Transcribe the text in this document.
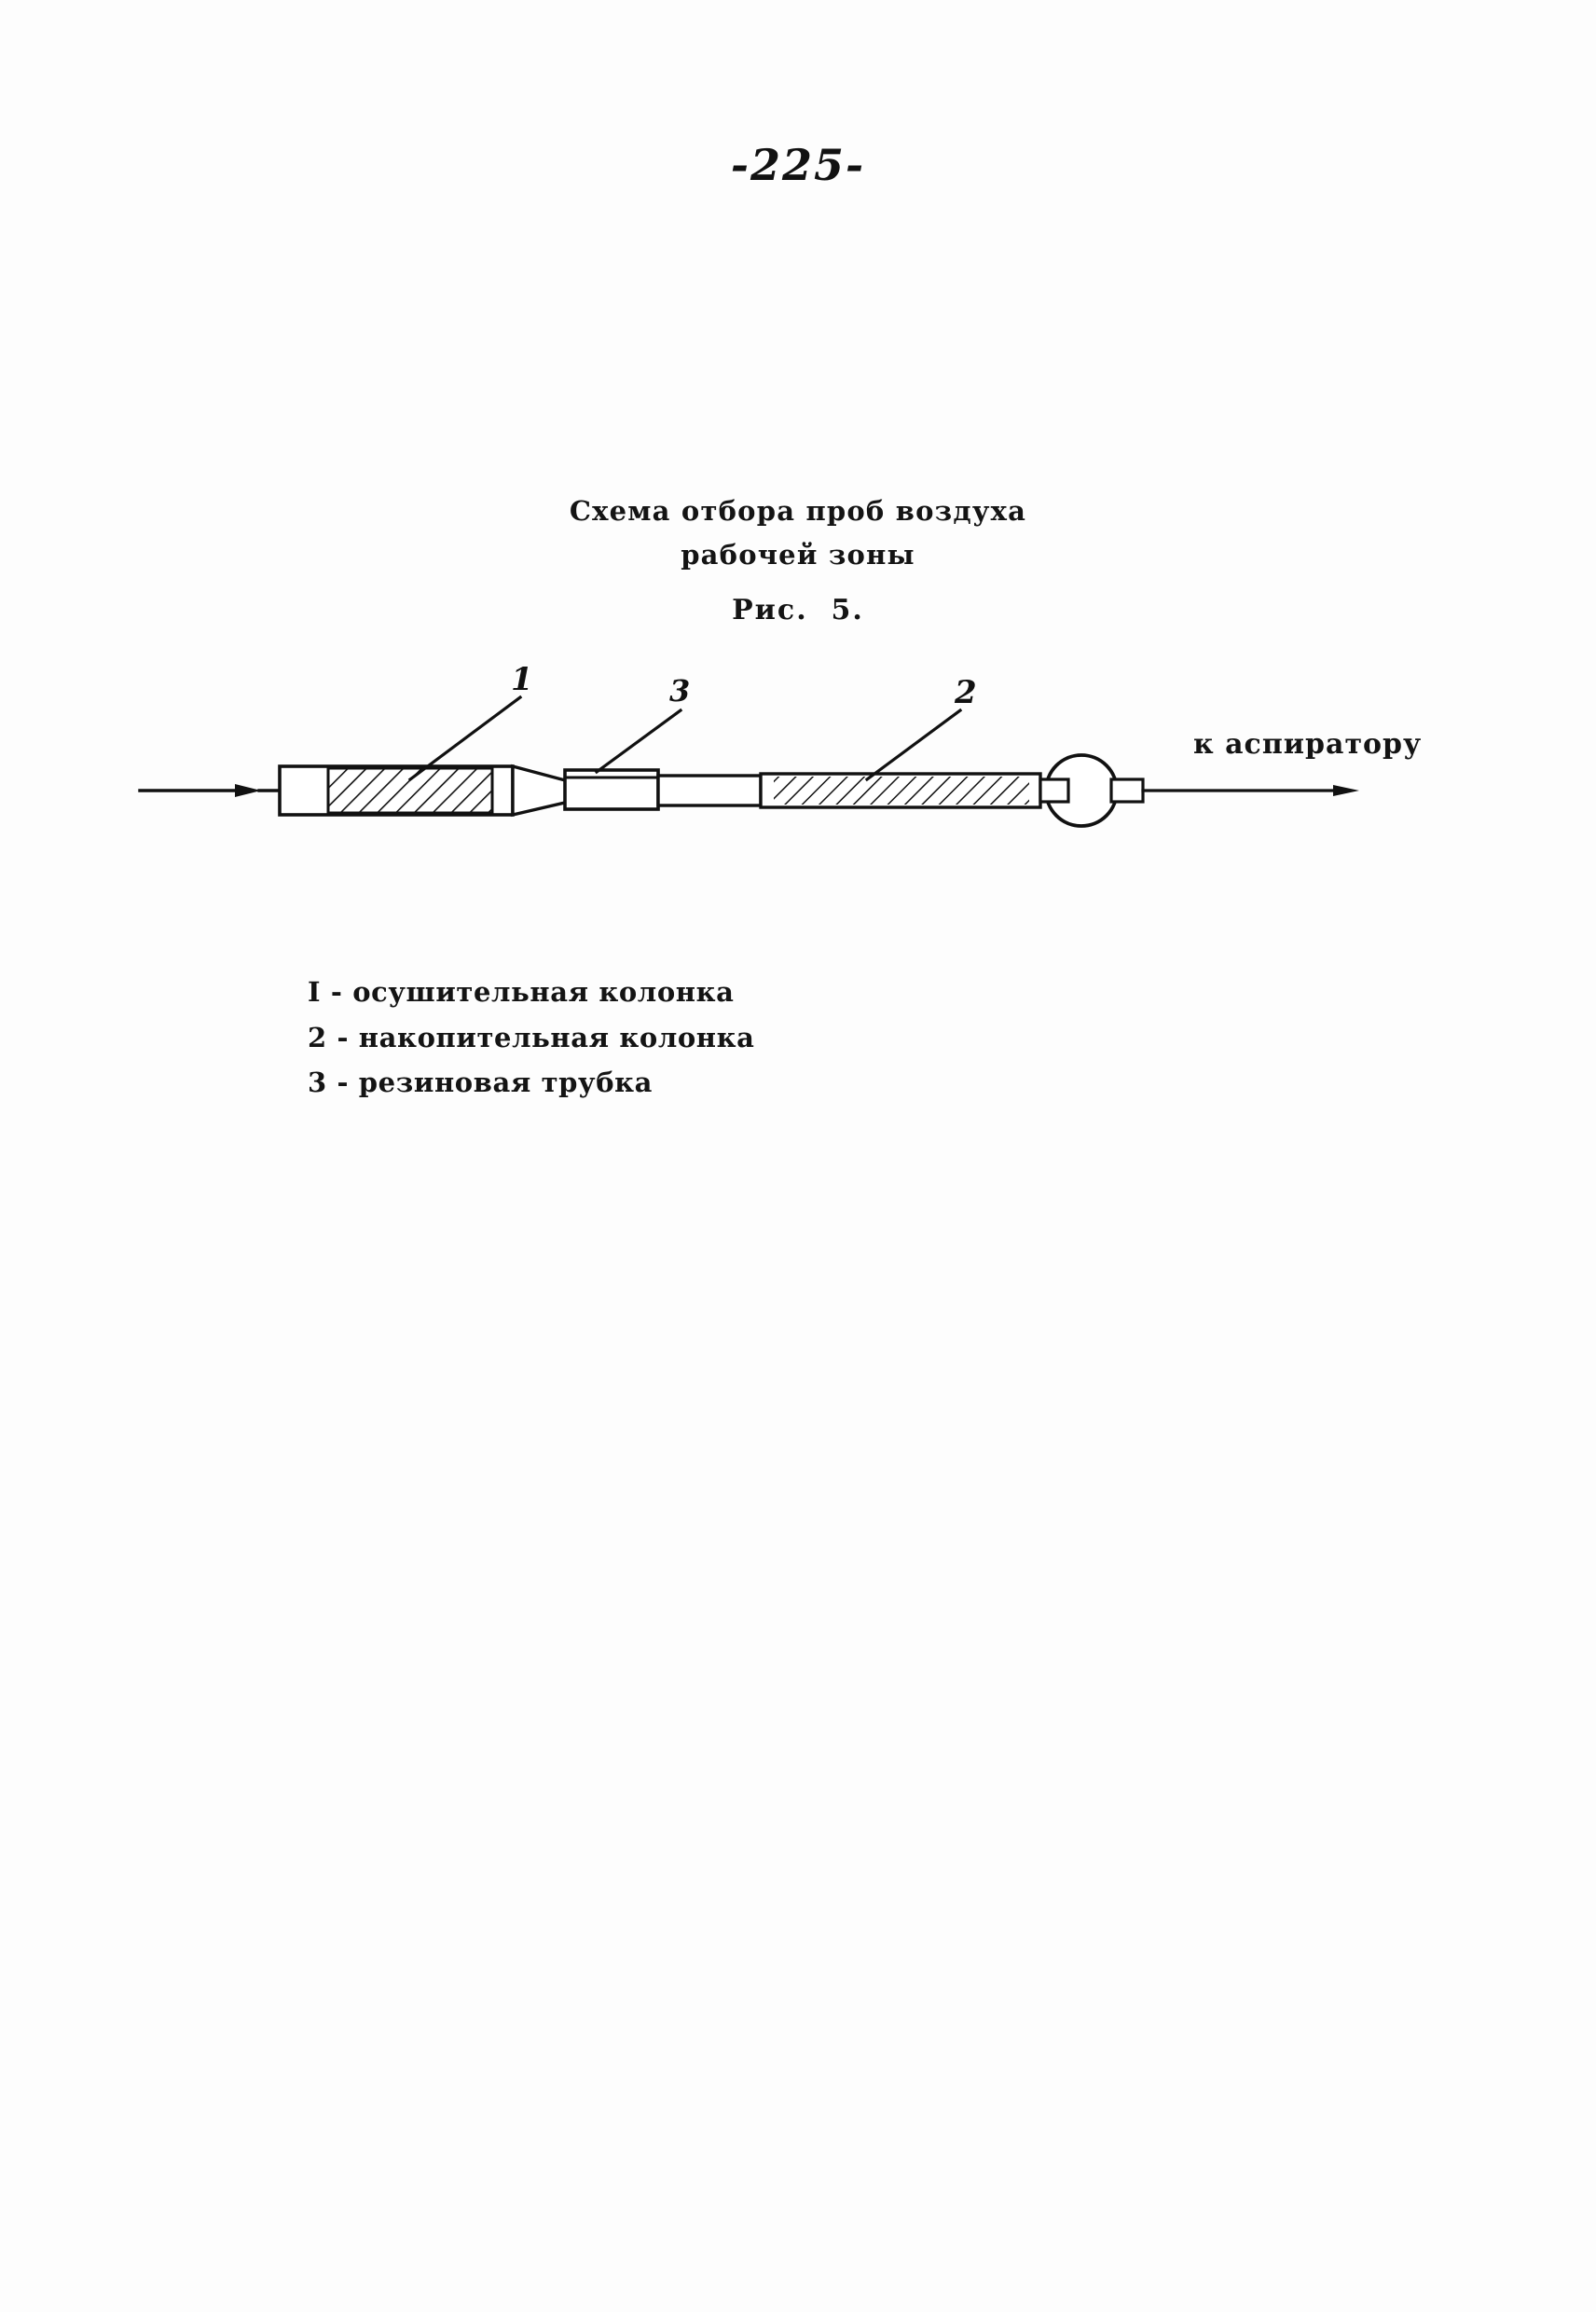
-225-
Схема отбора проб воздуха
рабочей зоны
Рис.  5.
1	3	2
к аспиратору
I - осушительная колонка
2 - накопительная колонка
3 - резиновая трубка
